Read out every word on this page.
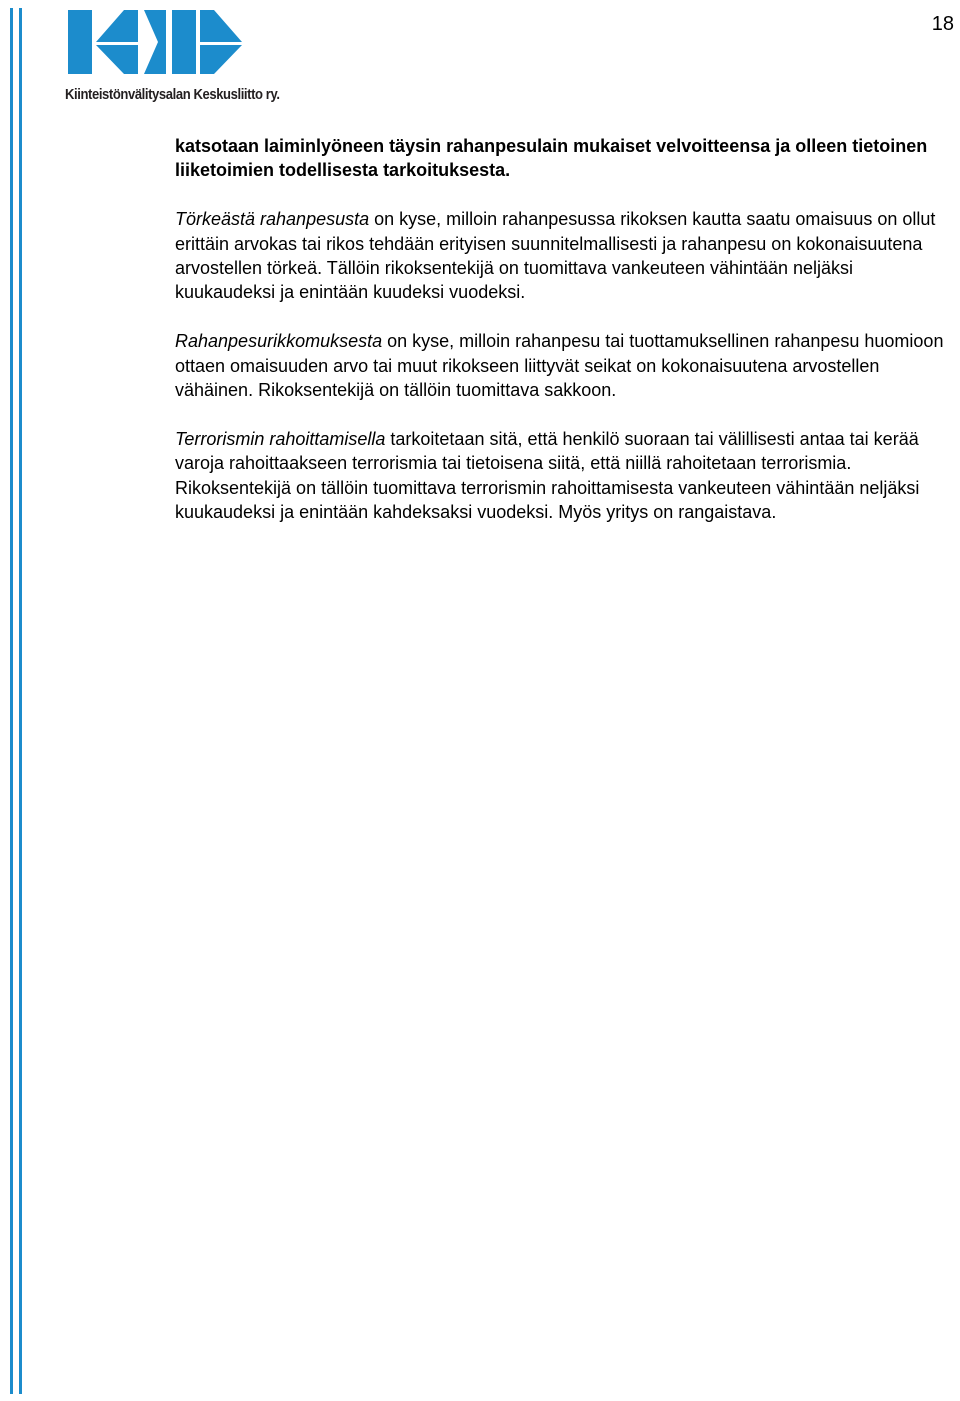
18
Kiinteistönvälitysalan Keskusliitto ry.

katsotaan laiminlyöneen täysin rahanpesulain mukaiset velvoitteensa ja olleen tietoinen liiketoimien todellisesta tarkoituksesta.

Törkeästä rahanpesusta on kyse, milloin rahanpesussa rikoksen kautta saatu omaisuus on ollut erittäin arvokas tai rikos tehdään erityisen suunnitelmallisesti ja rahanpesu on kokonaisuutena arvostellen törkeä. Tällöin rikoksentekijä on tuomittava vankeuteen vähintään neljäksi kuukaudeksi ja enintään kuudeksi vuodeksi.

Rahanpesurikkomuksesta on kyse, milloin rahanpesu tai tuottamuksellinen rahanpesu huomioon ottaen omaisuuden arvo tai muut rikokseen liittyvät seikat on kokonaisuutena arvostellen vähäinen. Rikoksentekijä on tällöin tuomittava sakkoon.

Terrorismin rahoittamisella tarkoitetaan sitä, että henkilö suoraan tai välillisesti antaa tai kerää varoja rahoittaakseen terrorismia tai tietoisena siitä, että niillä rahoitetaan terrorismia. Rikoksentekijä on tällöin tuomittava terrorismin rahoittamisesta vankeuteen vähintään neljäksi kuukaudeksi ja enintään kahdeksaksi vuodeksi. Myös yritys on rangaistava.
